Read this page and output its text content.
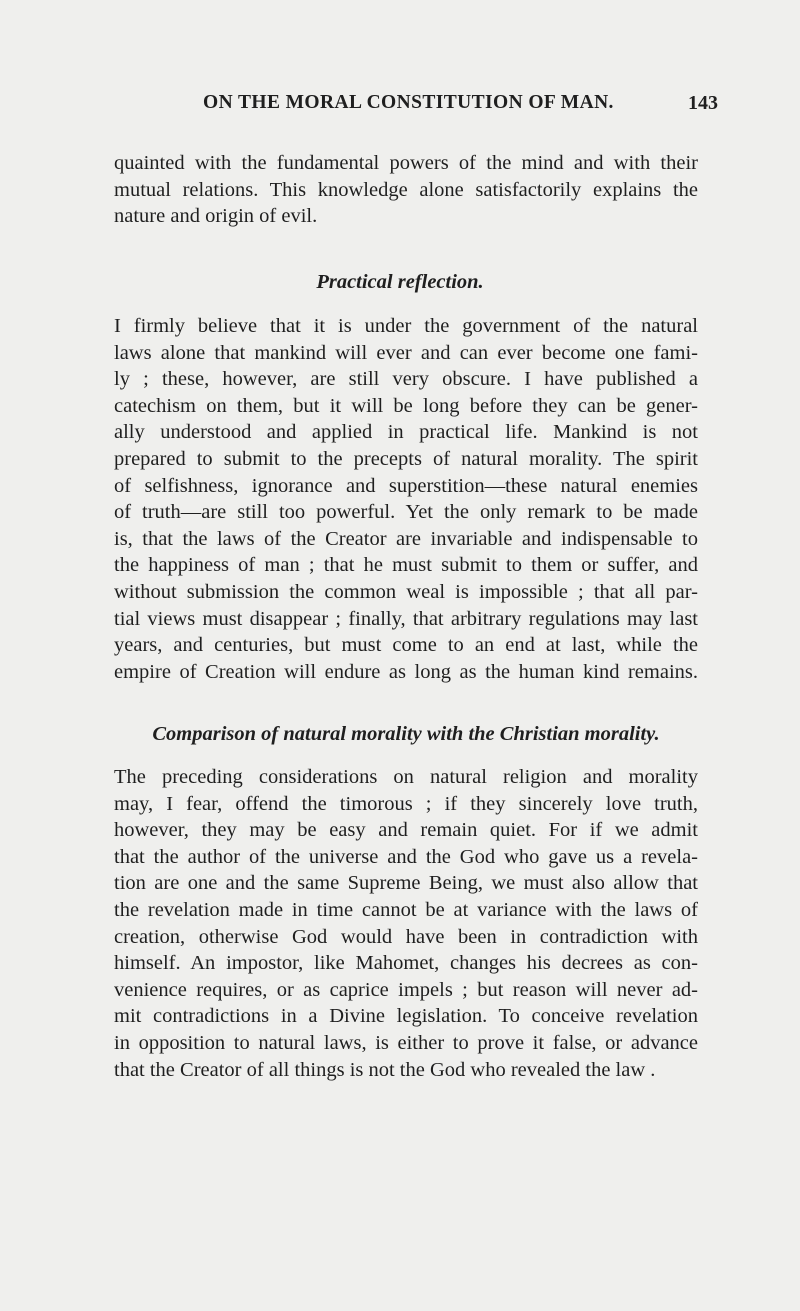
ON THE MORAL CONSTITUTION OF MAN.	143

quainted with the fundamental powers of the mind and with their
mutual relations. This knowledge alone satisfactorily explains the
nature and origin of evil.

Practical reflection.

I firmly believe that it is under the government of the natural
laws alone that mankind will ever and can ever become one fami-
ly ; these, however, are still very obscure. I have published a
catechism on them, but it will be long before they can be gener-
ally understood and applied in practical life. Mankind is not
prepared to submit to the precepts of natural morality. The spirit
of selfishness, ignorance and superstition—these natural enemies
of truth—are still too powerful. Yet the only remark to be made
is, that the laws of the Creator are invariable and indispensable to
the happiness of man ; that he must submit to them or suffer, and
without submission the common weal is impossible ; that all par-
tial views must disappear ; finally, that arbitrary regulations may last
years, and centuries, but must come to an end at last, while the
empire of Creation will endure as long as the human kind remains.

Comparison of natural morality with the Christian morality.

The preceding considerations on natural religion and morality
may, I fear, offend the timorous ; if they sincerely love truth,
however, they may be easy and remain quiet. For if we admit
that the author of the universe and the God who gave us a revela-
tion are one and the same Supreme Being, we must also allow that
the revelation made in time cannot be at variance with the laws of
creation, otherwise God would have been in contradiction with
himself. An impostor, like Mahomet, changes his decrees as con-
venience requires, or as caprice impels ; but reason will never ad-
mit contradictions in a Divine legislation. To conceive revelation
in opposition to natural laws, is either to prove it false, or advance
that the Creator of all things is not the God who revealed the law .
